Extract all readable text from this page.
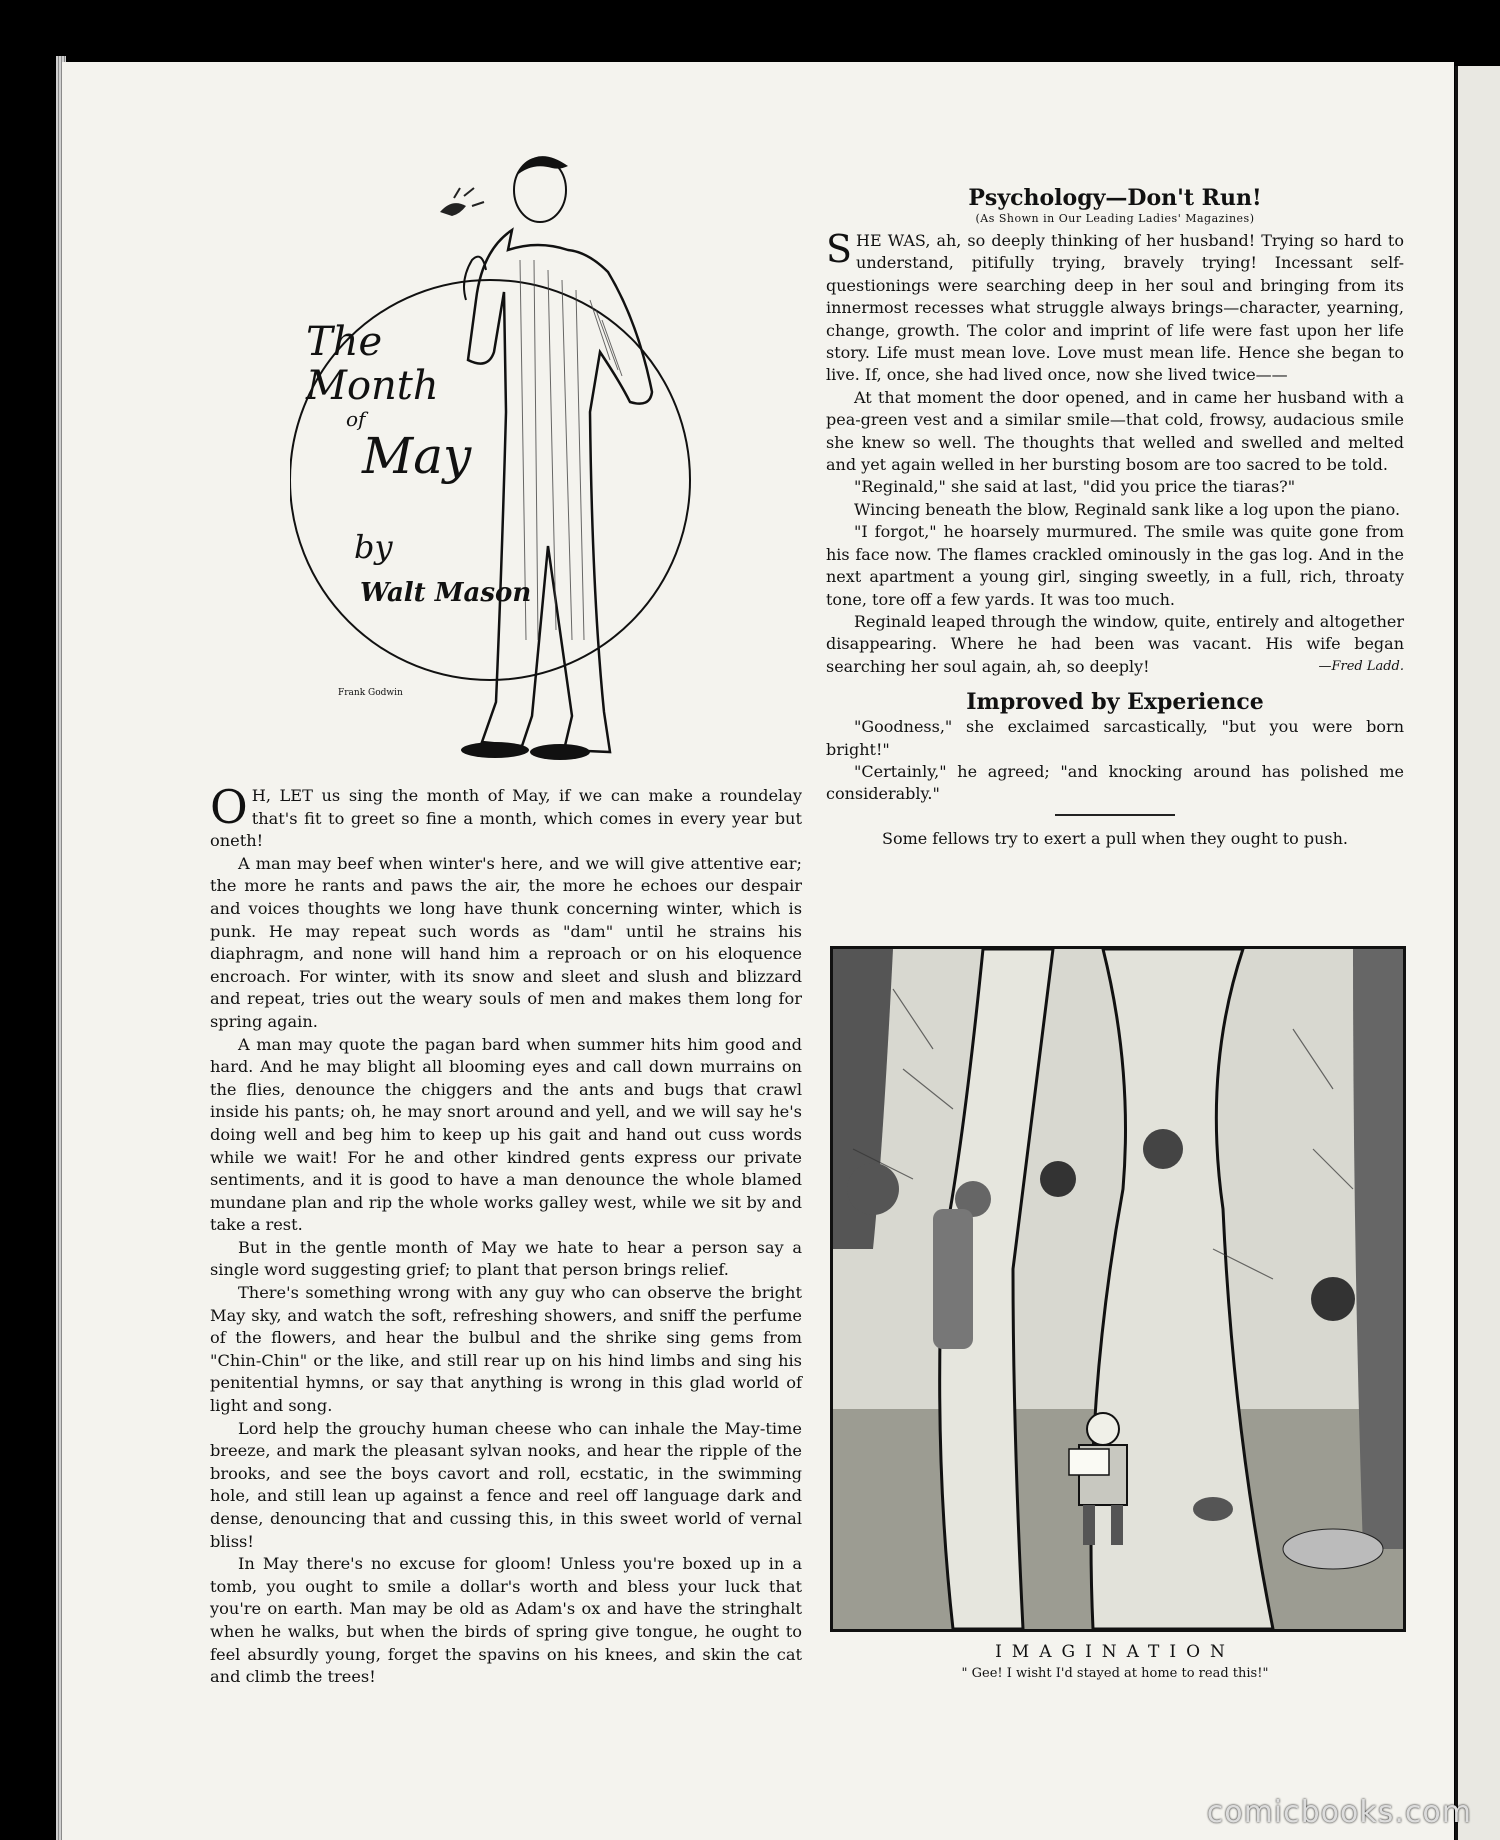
The Month
of
May
by
Walt Mason
Frank Godwin

O H, LET us sing the month of May, if we can make a roundelay that's fit to greet so fine a month, which comes in every year but oneth!

A man may beef when winter's here, and we will give attentive ear; the more he rants and paws the air, the more he echoes our despair and voices thoughts we long have thunk concerning winter, which is punk. He may repeat such words as "dam" until he strains his diaphragm, and none will hand him a reproach or on his eloquence encroach. For winter, with its snow and sleet and slush and blizzard and repeat, tries out the weary souls of men and makes them long for spring again.

A man may quote the pagan bard when summer hits him good and hard. And he may blight all blooming eyes and call down murrains on the flies, denounce the chiggers and the ants and bugs that crawl inside his pants; oh, he may snort around and yell, and we will say he's doing well and beg him to keep up his gait and hand out cuss words while we wait! For he and other kindred gents express our private sentiments, and it is good to have a man denounce the whole blamed mundane plan and rip the whole works galley west, while we sit by and take a rest.

But in the gentle month of May we hate to hear a person say a single word suggesting grief; to plant that person brings relief.

There's something wrong with any guy who can observe the bright May sky, and watch the soft, refreshing showers, and sniff the perfume of the flowers, and hear the bulbul and the shrike sing gems from "Chin-Chin" or the like, and still rear up on his hind limbs and sing his penitential hymns, or say that anything is wrong in this glad world of light and song.

Lord help the grouchy human cheese who can inhale the May-time breeze, and mark the pleasant sylvan nooks, and hear the ripple of the brooks, and see the boys cavort and roll, ecstatic, in the swimming hole, and still lean up against a fence and reel off language dark and dense, denouncing that and cussing this, in this sweet world of vernal bliss!

In May there's no excuse for gloom! Unless you're boxed up in a tomb, you ought to smile a dollar's worth and bless your luck that you're on earth. Man may be old as Adam's ox and have the stringhalt when he walks, but when the birds of spring give tongue, he ought to feel absurdly young, forget the spavins on his knees, and skin the cat and climb the trees!

Psychology—Don't Run!
(As Shown in Our Leading Ladies' Magazines)

SHE WAS, ah, so deeply thinking of her husband! Trying so hard to understand, pitifully trying, bravely trying! Incessant self-questionings were searching deep in her soul and bringing from its innermost recesses what struggle always brings—character, yearning, change, growth. The color and imprint of life were fast upon her life story. Life must mean love. Love must mean life. Hence she began to live. If, once, she had lived once, now she lived twice——

At that moment the door opened, and in came her husband with a pea-green vest and a similar smile—that cold, frowsy, audacious smile she knew so well. The thoughts that welled and swelled and melted and yet again welled in her bursting bosom are too sacred to be told.

"Reginald," she said at last, "did you price the tiaras?"

Wincing beneath the blow, Reginald sank like a log upon the piano.

"I forgot," he hoarsely murmured. The smile was quite gone from his face now. The flames crackled ominously in the gas log. And in the next apartment a young girl, singing sweetly, in a full, rich, throaty tone, tore off a few yards. It was too much.

Reginald leaped through the window, quite, entirely and altogether disappearing. Where he had been was vacant. His wife began searching her soul again, ah, so deeply!	—Fred Ladd.

Improved by Experience

"Goodness," she exclaimed sarcastically, "but you were born bright!"

"Certainly," he agreed; "and knocking around has polished me considerably."

Some fellows try to exert a pull when they ought to push.
IMAGINATION
" Gee! I wisht I'd stayed at home to read this!"
comicbooks.com
